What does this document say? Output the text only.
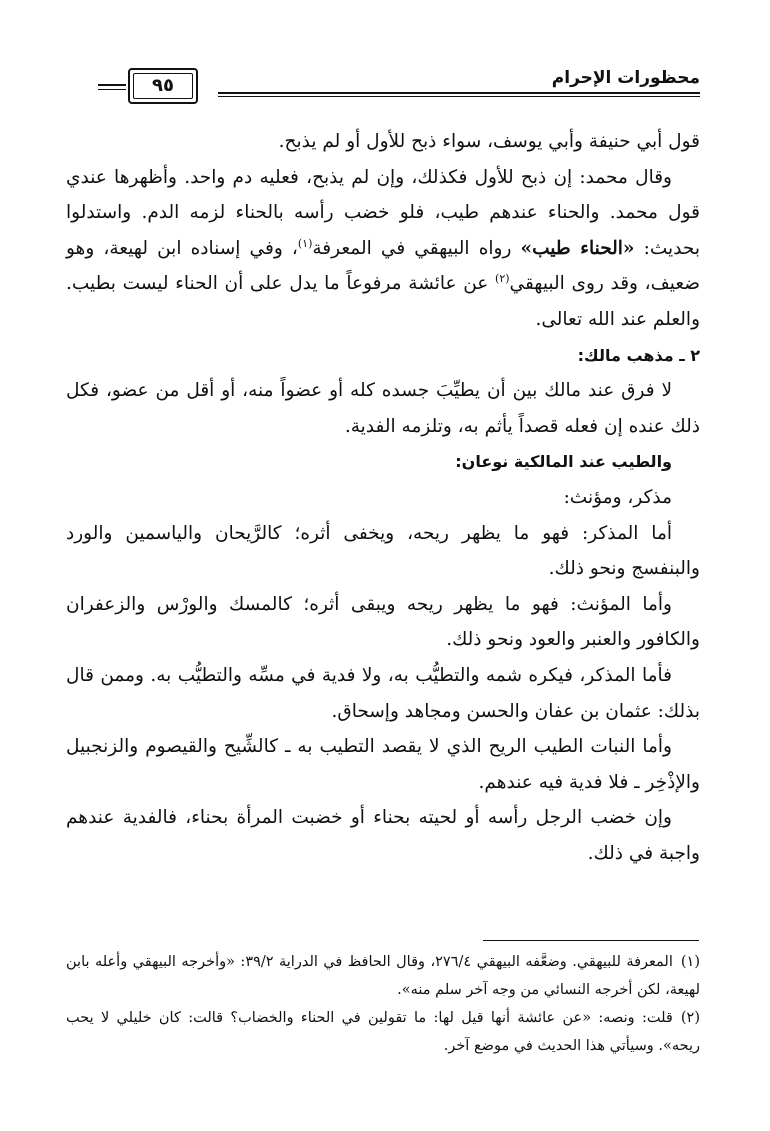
محظورات الإحرام
٩٥

قول أبي حنيفة وأبي يوسف، سواء ذبح للأول أو لم يذبح.

وقال محمد: إن ذبح للأول فكذلك، وإن لم يذبح، فعليه دم واحد. وأظهرها عندي قول محمد. والحناء عندهم طيب، فلو خضب رأسه بالحناء لزمه الدم. واستدلوا بحديث: «الحناء طيب» رواه البيهقي في المعرفة$^{(١)}$، وفي إسناده ابن لهيعة، وهو ضعيف، وقد روى البيهقي$^{(٢)}$ عن عائشة مرفوعاً ما يدل على أن الحناء ليست بطيب. والعلم عند الله تعالى.

٢ ـ مذهب مالك:

لا فرق عند مالك بين أن يطيِّبَ جسده كله أو عضواً منه، أو أقل من عضو، فكل ذلك عنده إن فعله قصداً يأثم به، وتلزمه الفدية.

والطيب عند المالكية نوعان:

مذكر، ومؤنث:

أما المذكر: فهو ما يظهر ريحه، ويخفى أثره؛ كالرَّيحان والياسمين والورد والبنفسج ونحو ذلك.

وأما المؤنث: فهو ما يظهر ريحه ويبقى أثره؛ كالمسك والورْس والزعفران والكافور والعنبر والعود ونحو ذلك.

فأما المذكر، فيكره شمه والتطيُّب به، ولا فدية في مسِّه والتطيُّب به. وممن قال بذلك: عثمان بن عفان والحسن ومجاهد وإسحاق.

وأما النبات الطيب الريح الذي لا يقصد التطيب به ـ كالشِّيح والقيصوم والزنجبيل والإذْخِر ـ فلا فدية فيه عندهم.

وإن خضب الرجل رأسه أو لحيته بحناء أو خضبت المرأة بحناء، فالفدية عندهم واجبة في ذلك.

(١)المعرفة للبيهقي. وضعَّفه البيهقي ٢٧٦/٤، وقال الحافظ في الدراية ٣٩/٢: «وأخرجه البيهقي وأعله بابن لهيعة، لكن أخرجه النسائي من وجه آخر سلم منه».

(٢)قلت: ونصه: «عن عائشة أنها قيل لها: ما تقولين في الحناء والخضاب؟ قالت: كان خليلي لا يحب ريحه». وسيأتي هذا الحديث في موضع آخر.
